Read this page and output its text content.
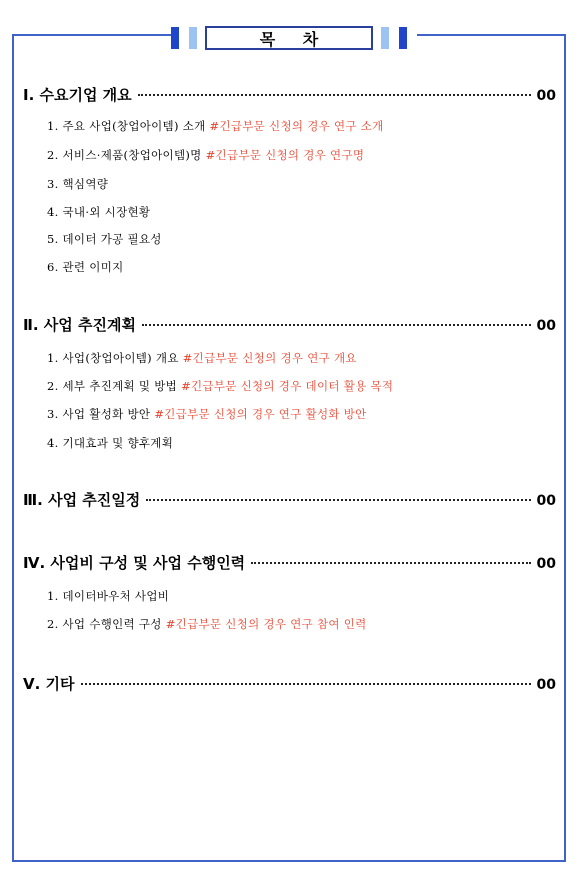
목 차
Ⅰ. 수요기업 개요	00
1. 주요 사업(창업아이템) 소개 #긴급부문 신청의 경우 연구 소개
2. 서비스·제품(창업아이템)명 #긴급부문 신청의 경우 연구명
3. 핵심역량
4. 국내·외 시장현황
5. 데이터 가공 필요성
6. 관련 이미지
Ⅱ. 사업 추진계획	00
1. 사업(창업아이템) 개요 #긴급부문 신청의 경우 연구 개요
2. 세부 추진계획 및 방법 #긴급부문 신청의 경우 데이터 활용 목적
3. 사업 활성화 방안 #긴급부문 신청의 경우 연구 활성화 방안
4. 기대효과 및 향후계획
Ⅲ. 사업 추진일정	00
Ⅳ. 사업비 구성 및 사업 수행인력	00
1. 데이터바우처 사업비
2. 사업 수행인력 구성 #긴급부문 신청의 경우 연구 참여 인력
Ⅴ. 기타	00
